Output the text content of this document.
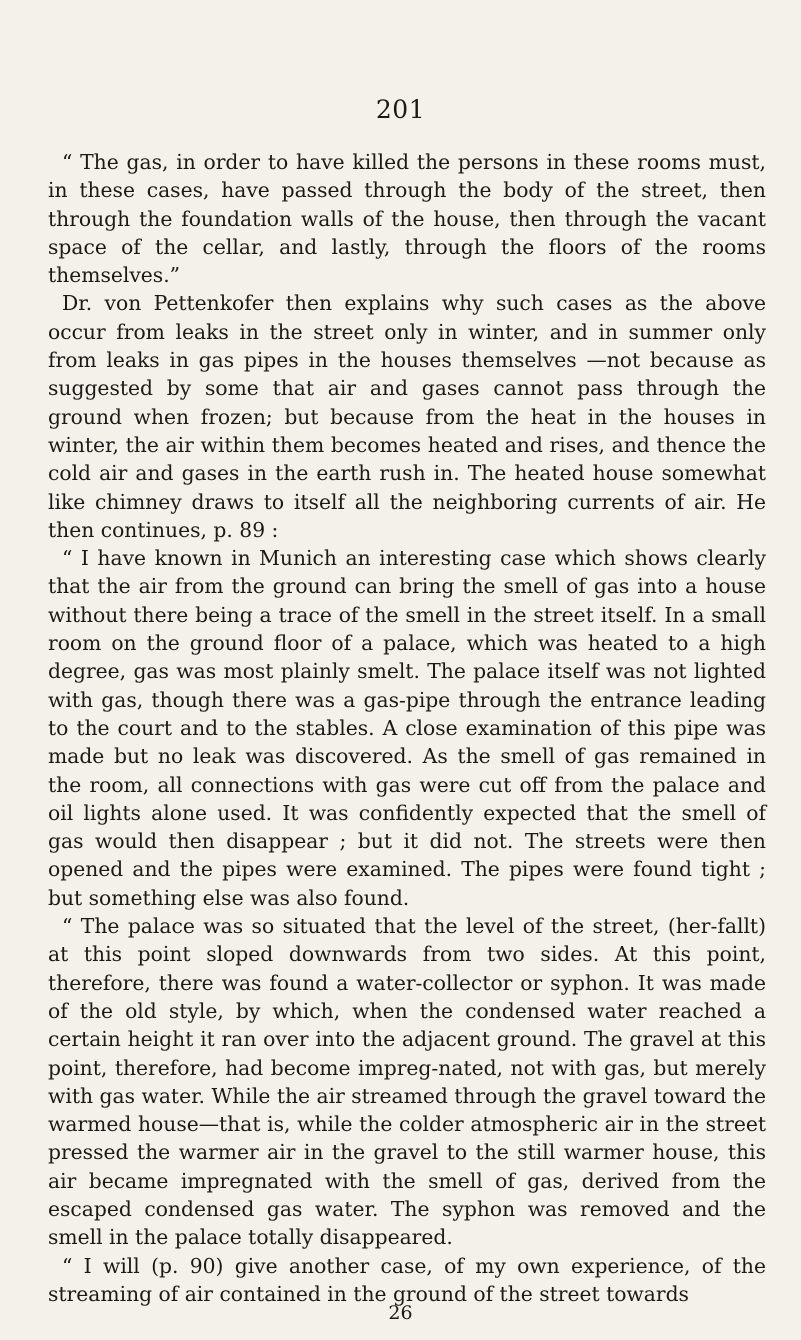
201

“ The gas, in order to have killed the persons in these rooms must, in these cases, have passed through the body of the street, then through the foundation walls of the house, then through the vacant space of the cellar, and lastly, through the floors of the rooms themselves.”

Dr. von Pettenkofer then explains why such cases as the above occur from leaks in the street only in winter, and in summer only from leaks in gas pipes in the houses themselves —not because as suggested by some that air and gases cannot pass through the ground when frozen; but because from the heat in the houses in winter, the air within them becomes heated and rises, and thence the cold air and gases in the earth rush in. The heated house somewhat like chimney draws to itself all the neighboring currents of air. He then continues, p. 89 :

“ I have known in Munich an interesting case which shows clearly that the air from the ground can bring the smell of gas into a house without there being a trace of the smell in the street itself. In a small room on the ground floor of a palace, which was heated to a high degree, gas was most plainly smelt. The palace itself was not lighted with gas, though there was a gas-pipe through the entrance leading to the court and to the stables. A close examination of this pipe was made but no leak was discovered. As the smell of gas remained in the room, all connections with gas were cut off from the palace and oil lights alone used. It was confidently expected that the smell of gas would then disappear ; but it did not. The streets were then opened and the pipes were examined. The pipes were found tight ; but something else was also found.

“ The palace was so situated that the level of the street, (her-fallt) at this point sloped downwards from two sides. At this point, therefore, there was found a water-collector or syphon. It was made of the old style, by which, when the condensed water reached a certain height it ran over into the adjacent ground. The gravel at this point, therefore, had become impreg-nated, not with gas, but merely with gas water. While the air streamed through the gravel toward the warmed house—that is, while the colder atmospheric air in the street pressed the warmer air in the gravel to the still warmer house, this air became impregnated with the smell of gas, derived from the escaped condensed gas water. The syphon was removed and the smell in the palace totally disappeared.

“ I will (p. 90) give another case, of my own experience, of the streaming of air contained in the ground of the street towards

26
